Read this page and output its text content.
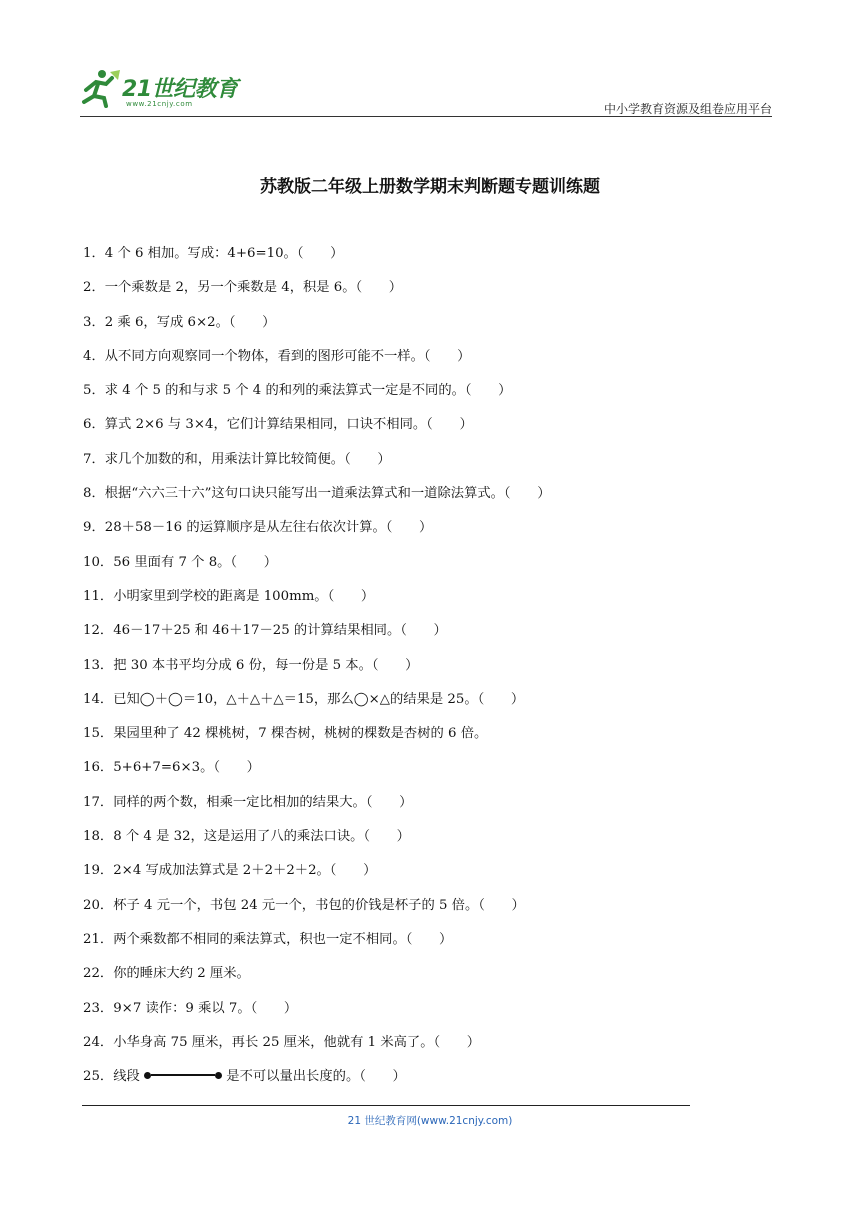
21世纪教育
www.21cnjy.com	中小学教育资源及组卷应用平台
苏教版二年级上册数学期末判断题专题训练题
1．4 个 6 相加。写成：4+6=10。（　　）
2．一个乘数是 2，另一个乘数是 4，积是 6。（　　）
3．2 乘 6，写成 6×2。（　　）
4．从不同方向观察同一个物体，看到的图形可能不一样。（　　）
5．求 4 个 5 的和与求 5 个 4 的和列的乘法算式一定是不同的。（　　）
6．算式 2×6 与 3×4，它们计算结果相同，口诀不相同。（　　）
7．求几个加数的和，用乘法计算比较简便。（　　）
8．根据“六六三十六”这句口诀只能写出一道乘法算式和一道除法算式。（　　）
9．28＋58－16 的运算顺序是从左往右依次计算。（　　）
10．56 里面有 7 个 8。（　　）
11．小明家里到学校的距离是 100mm。（　　）
12．46－17＋25 和 46＋17－25 的计算结果相同。（　　）
13．把 30 本书平均分成 6 份，每一份是 5 本。（　　）
14．已知◯＋◯＝10，△＋△＋△＝15，那么◯×△的结果是 25。（　　）
15．果园里种了 42 棵桃树，7 棵杏树，桃树的棵数是杏树的 6 倍。
16．5+6+7=6×3。（　　）
17．同样的两个数，相乘一定比相加的结果大。（　　）
18．8 个 4 是 32，这是运用了八的乘法口诀。（　　）
19．2×4 写成加法算式是 2＋2＋2＋2。（　　）
20．杯子 4 元一个，书包 24 元一个，书包的价钱是杯子的 5 倍。（　　）
21．两个乘数都不相同的乘法算式，积也一定不相同。（　　）
22．你的睡床大约 2 厘米。
23．9×7 读作：9 乘以 7。（　　）
24．小华身高 75 厘米，再长 25 厘米，他就有 1 米高了。（　　）
25．线段	是不可以量出长度的。（　　）
21 世纪教育网(www.21cnjy.com)
